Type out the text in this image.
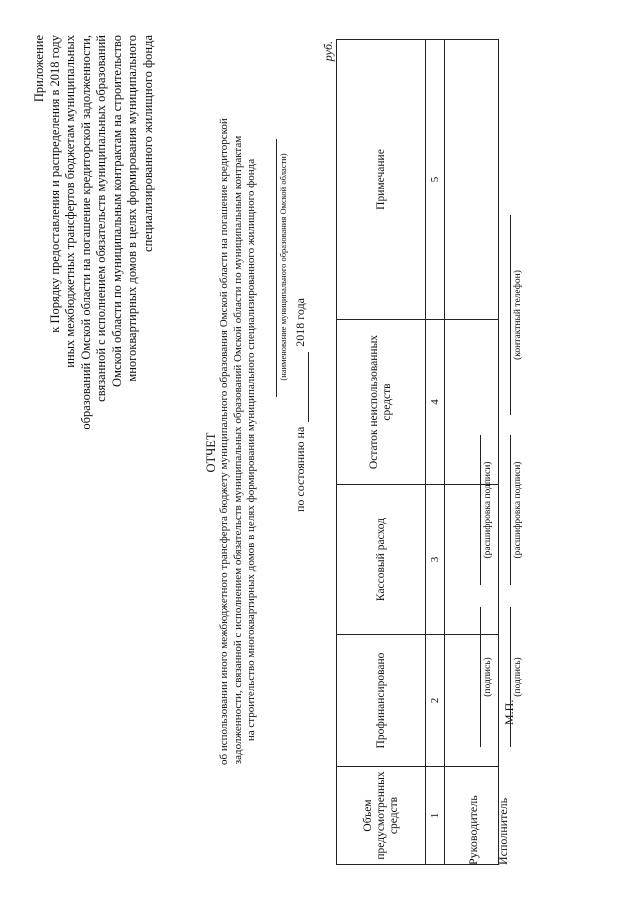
Приложение к Порядку предоставления и распределения в 2018 году иных межбюджетных трансфертов бюджетам муниципальных образований Омской области на погашение кредиторской задолженности, связанной с исполнением обязательств муниципальных образований Омской области по муниципальным контрактам на строительство многоквартирных домов в целях формирования муниципального специализированного жилищного фонда
ОТЧЕТ об использовании иного межбюджетного трансферта бюджету муниципального образования Омской области на погашение кредиторской задолженности, связанной с исполнением обязательств муниципальных образований Омской области по муниципальным контрактам на строительство многоквартирных домов в целях формирования муниципального специализированного жилищного фонда (наименование муниципального образования Омской области)
по состоянию на   2018 года
руб.
Объем предусмотренных средств	Профинансировано	Кассовый расход	Остаток неиспользованных средств	Примечание
1	2	3	4	5

Руководитель
(подпись)
(расшифровка подписи)
М.П.
Исполнитель
(подпись)
(расшифровка подписи)
(контактный телефон)
